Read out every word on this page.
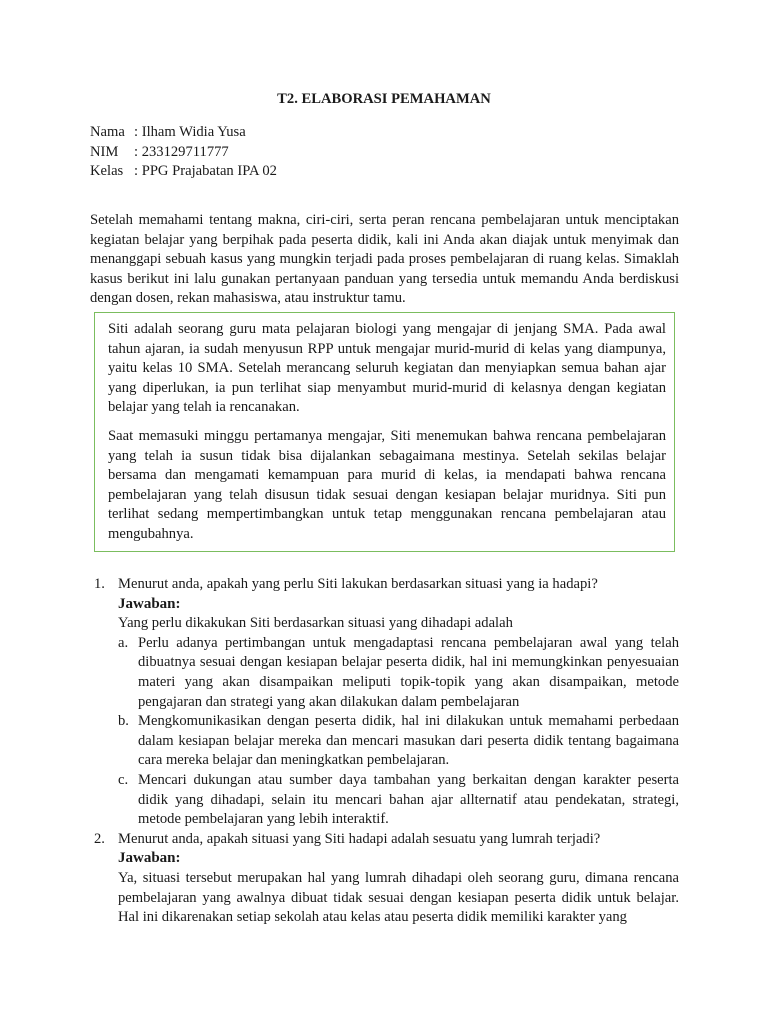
T2. ELABORASI PEMAHAMAN
Nama : Ilham Widia Yusa
NIM	: 233129711777
Kelas : PPG Prajabatan IPA 02

Setelah memahami tentang makna, ciri-ciri, serta peran rencana pembelajaran untuk menciptakan kegiatan belajar yang berpihak pada peserta didik, kali ini Anda akan diajak untuk menyimak dan menanggapi sebuah kasus yang mungkin terjadi pada proses pembelajaran di ruang kelas. Simaklah kasus berikut ini lalu gunakan pertanyaan panduan yang tersedia untuk memandu Anda berdiskusi dengan dosen, rekan mahasiswa, atau instruktur tamu.

Siti adalah seorang guru mata pelajaran biologi yang mengajar di jenjang SMA. Pada awal tahun ajaran, ia sudah menyusun RPP untuk mengajar murid-murid di kelas yang diampunya, yaitu kelas 10 SMA. Setelah merancang seluruh kegiatan dan menyiapkan semua bahan ajar yang diperlukan, ia pun terlihat siap menyambut murid-murid di kelasnya dengan kegiatan belajar yang telah ia rencanakan.

Saat memasuki minggu pertamanya mengajar, Siti menemukan bahwa rencana pembelajaran yang telah ia susun tidak bisa dijalankan sebagaimana mestinya. Setelah sekilas belajar bersama dan mengamati kemampuan para murid di kelas, ia mendapati bahwa rencana pembelajaran yang telah disusun tidak sesuai dengan kesiapan belajar muridnya. Siti pun terlihat sedang mempertimbangkan untuk tetap menggunakan rencana pembelajaran atau mengubahnya.

1. Menurut anda, apakah yang perlu Siti lakukan berdasarkan situasi yang ia hadapi?

Jawaban:

Yang perlu dikakukan Siti berdasarkan situasi yang dihadapi adalah

a. Perlu adanya pertimbangan untuk mengadaptasi rencana pembelajaran awal yang telah dibuatnya sesuai dengan kesiapan belajar peserta didik, hal ini memungkinkan penyesuaian materi yang akan disampaikan meliputi topik-topik yang akan disampaikan, metode pengajaran dan strategi yang akan dilakukan dalam pembelajaran

b. Mengkomunikasikan dengan peserta didik, hal ini dilakukan untuk memahami perbedaan dalam kesiapan belajar mereka dan mencari masukan dari peserta didik tentang bagaimana cara mereka belajar dan meningkatkan pembelajaran.

c. Mencari dukungan atau sumber daya tambahan yang berkaitan dengan karakter peserta didik yang dihadapi, selain itu mencari bahan ajar allternatif atau pendekatan, strategi, metode pembelajaran yang lebih interaktif.

2. Menurut anda, apakah situasi yang Siti hadapi adalah sesuatu yang lumrah terjadi?

Jawaban:

Ya, situasi tersebut merupakan hal yang lumrah dihadapi oleh seorang guru, dimana rencana pembelajaran yang awalnya dibuat tidak sesuai dengan kesiapan peserta didik untuk belajar. Hal ini dikarenakan setiap sekolah atau kelas atau peserta didik memiliki karakter yang
